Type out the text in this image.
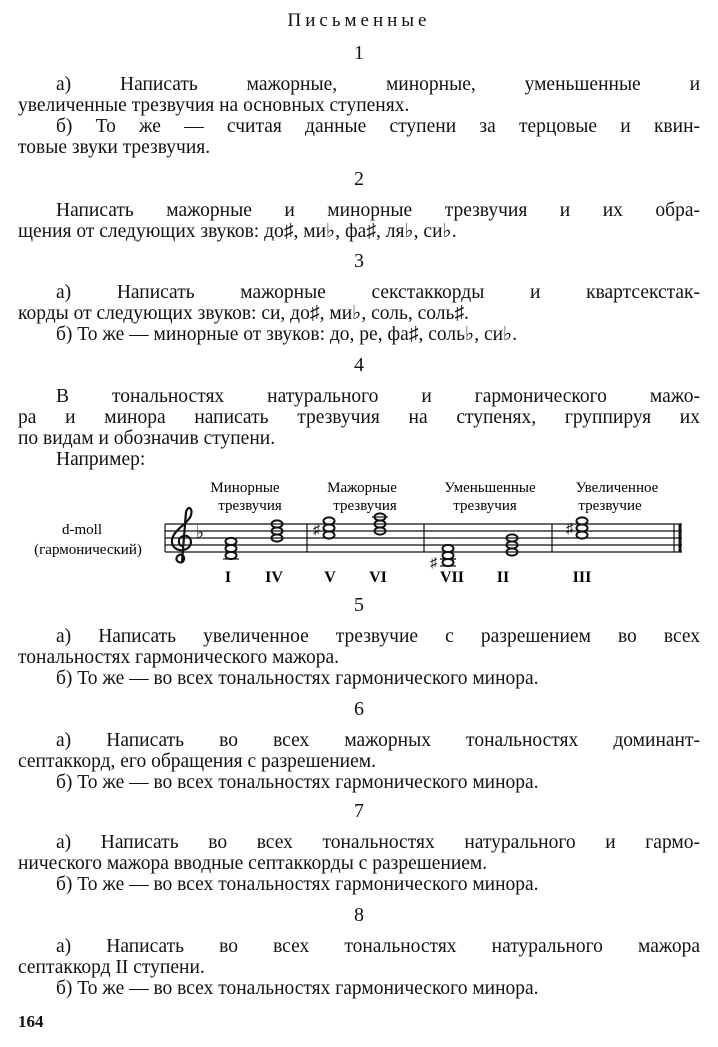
Письменные
1
а) Написать мажорные, минорные, уменьшенные и
увеличенные трезвучия на основных ступенях.
б) То же — считая данные ступени за терцовые и квин-
товые звуки трезвучия.
2
Написать мажорные и минорные трезвучия и их обра-
щения от следующих звуков: до♯, ми♭, фа♯, ля♭, си♭.
3
а) Написать мажорные секстаккорды и квартсекстак-
корды от следующих звуков: си, до♯, ми♭, соль, соль♯.
б) То же — минорные от звуков: до, ре, фа♯, соль♭, си♭.
4
В тональностях натурального и гармонического мажо-
ра и минора написать трезвучия на ступенях, группируя их
по видам и обозначив ступени.
Например:
Минорные
трезвучия
Мажорные
трезвучия
Уменьшенные
трезвучия
Увеличенное
трезвучие
d-moll
(гармонический)
♭	♯
♯
♯
I IV	V VI	VII II	III
5
а) Написать увеличенное трезвучие с разрешением во всех
тональностях гармонического мажора.
б) То же — во всех тональностях гармонического минора.
6
а) Написать во всех мажорных тональностях доминант-
септаккорд, его обращения с разрешением.
б) То же — во всех тональностях гармонического минора.
7
а) Написать во всех тональностях натурального и гармо-
нического мажора вводные септаккорды с разрешением.
б) То же — во всех тональностях гармонического минора.
8
а) Написать во всех тональностях натурального мажора
септаккорд II ступени.
б) То же — во всех тональностях гармонического минора.
164
